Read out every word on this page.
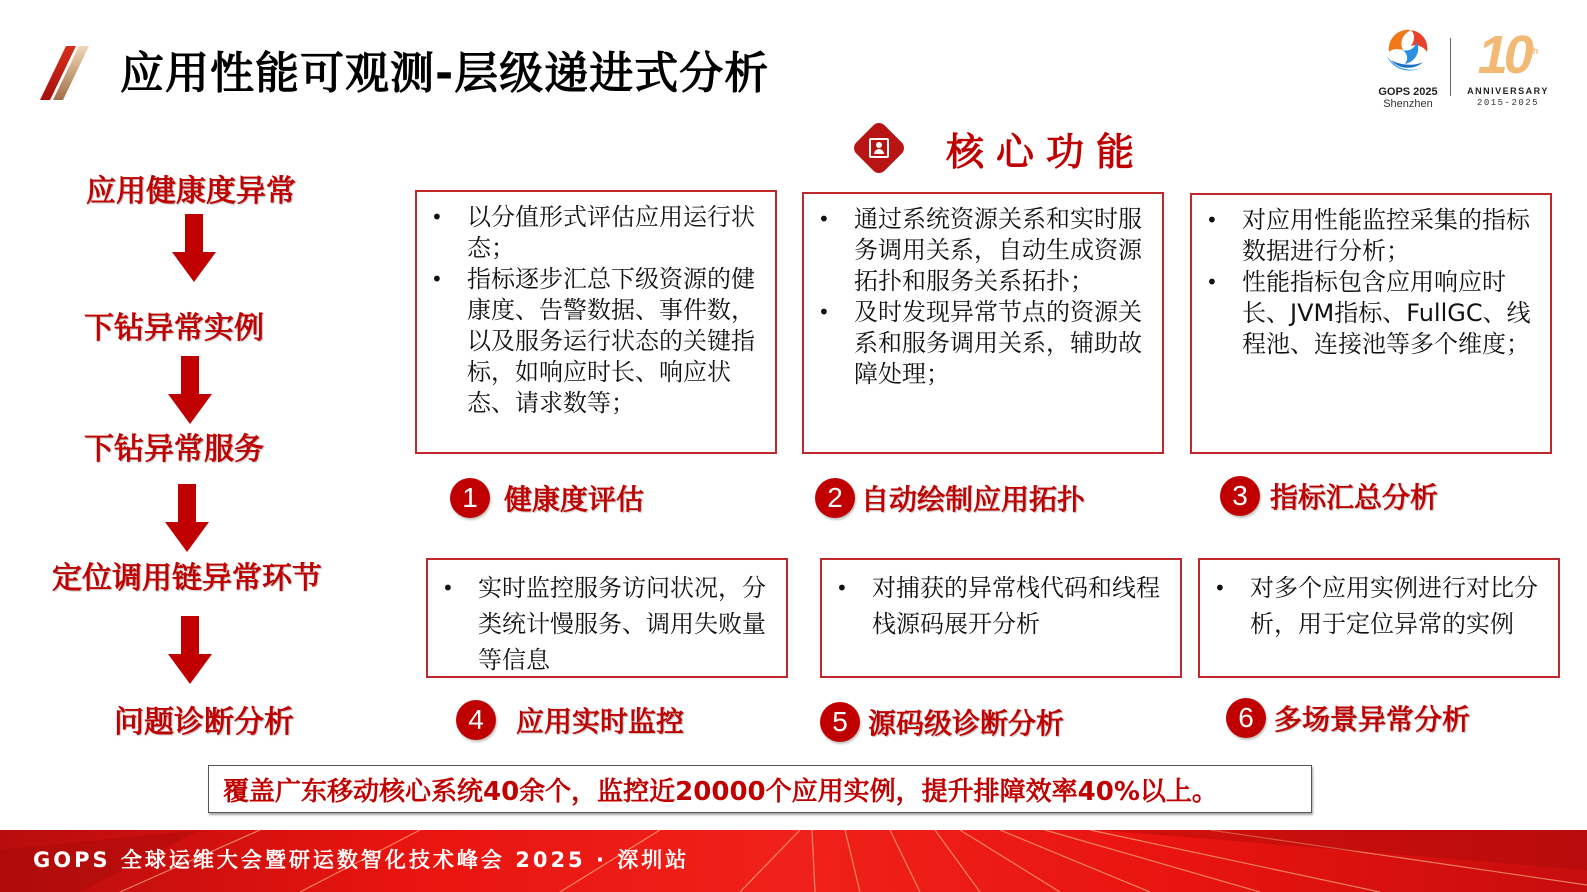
应用性能可观测-层级递进式分析	GOPS 2025
Shenzhen
10th
ANNIVERSARY
2015-2025
核心功能
应用健康度异常
下钻异常实例
下钻异常服务
定位调用链异常环节
问题诊断分析
• 以分值形式评估应用运行状态；
• 指标逐步汇总下级资源的健康度、告警数据、事件数，以及服务运行状态的关键指标，如响应时长、响应状态、请求数等；
1 健康度评估
• 通过系统资源关系和实时服务调用关系，自动生成资源拓扑和服务关系拓扑；
• 及时发现异常节点的资源关系和服务调用关系，辅助故障处理；
2 自动绘制应用拓扑
• 对应用性能监控采集的指标数据进行分析；
• 性能指标包含应用响应时长、JVM指标、FullGC、线程池、连接池等多个维度；
3 指标汇总分析
• 实时监控服务访问状况，分类统计慢服务、调用失败量等信息
4	应用实时监控
• 对捕获的异常栈代码和线程栈源码展开分析
5 源码级诊断分析
• 对多个应用实例进行对比分析，用于定位异常的实例
6 多场景异常分析
覆盖广东移动核心系统40余个，监控近20000个应用实例，提升排障效率40%以上。
GOPS 全球运维大会暨研运数智化技术峰会 2025 · 深圳站
